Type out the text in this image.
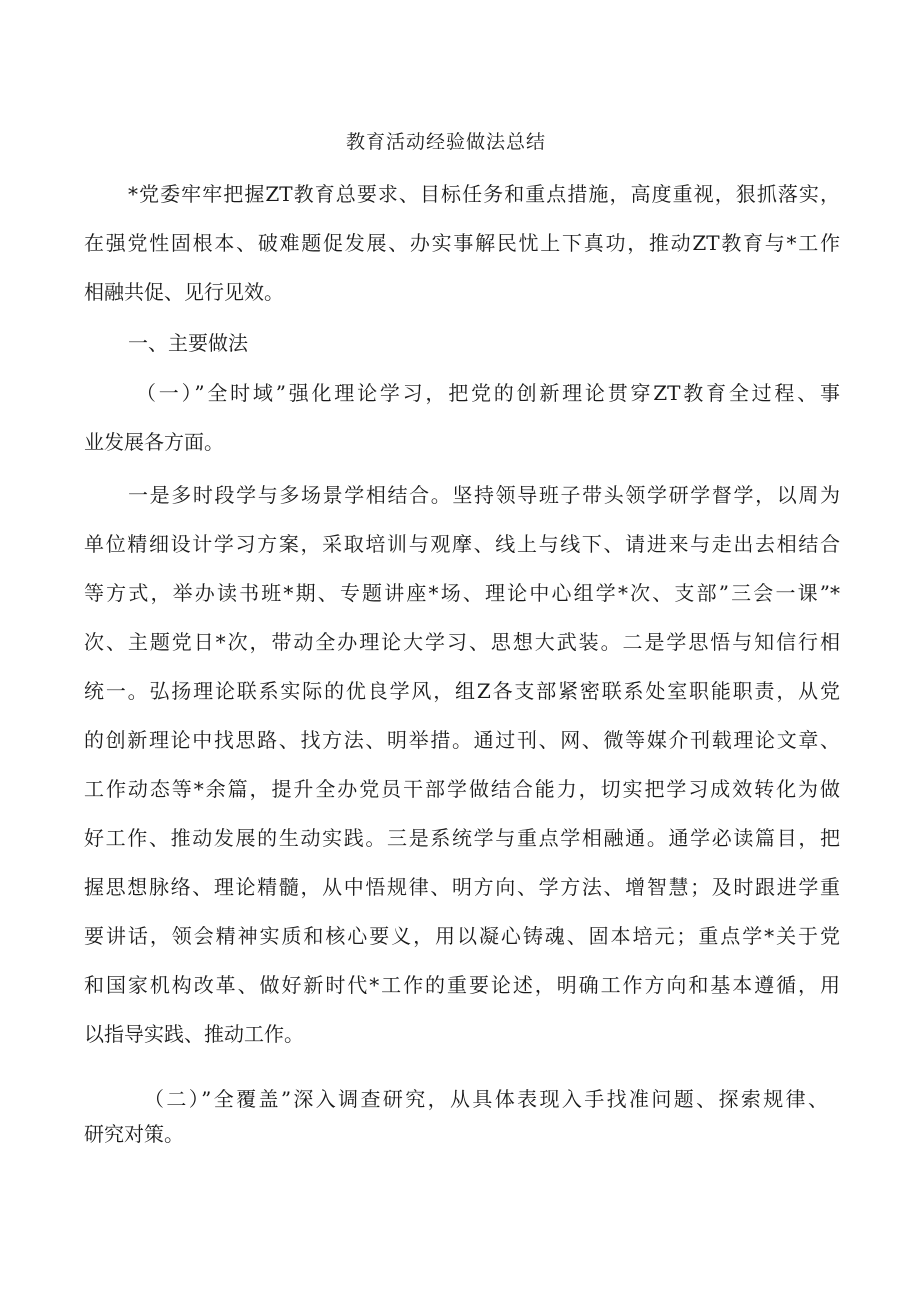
教育活动经验做法总结
*党委牢牢把握ZT教育总要求、目标任务和重点措施，高度重视，狠抓落实，
在强党性固根本、破难题促发展、办实事解民忧上下真功，推动ZT教育与*工作
相融共促、见行见效。
一、主要做法
（一）”全时域”强化理论学习，把党的创新理论贯穿ZT教育全过程、事
业发展各方面。
一是多时段学与多场景学相结合。坚持领导班子带头领学研学督学，以周为
单位精细设计学习方案，采取培训与观摩、线上与线下、请进来与走出去相结合
等方式，举办读书班*期、专题讲座*场、理论中心组学*次、支部”三会一课”*
次、主题党日*次，带动全办理论大学习、思想大武装。二是学思悟与知信行相
统一。弘扬理论联系实际的优良学风，组Z各支部紧密联系处室职能职责，从党
的创新理论中找思路、找方法、明举措。通过刊、网、微等媒介刊载理论文章、
工作动态等*余篇，提升全办党员干部学做结合能力，切实把学习成效转化为做
好工作、推动发展的生动实践。三是系统学与重点学相融通。通学必读篇目，把
握思想脉络、理论精髓，从中悟规律、明方向、学方法、增智慧；及时跟进学重
要讲话，领会精神实质和核心要义，用以凝心铸魂、固本培元；重点学*关于党
和国家机构改革、做好新时代*工作的重要论述，明确工作方向和基本遵循，用
以指导实践、推动工作。
（二）”全覆盖”深入调查研究，从具体表现入手找准问题、探索规律、
研究对策。
